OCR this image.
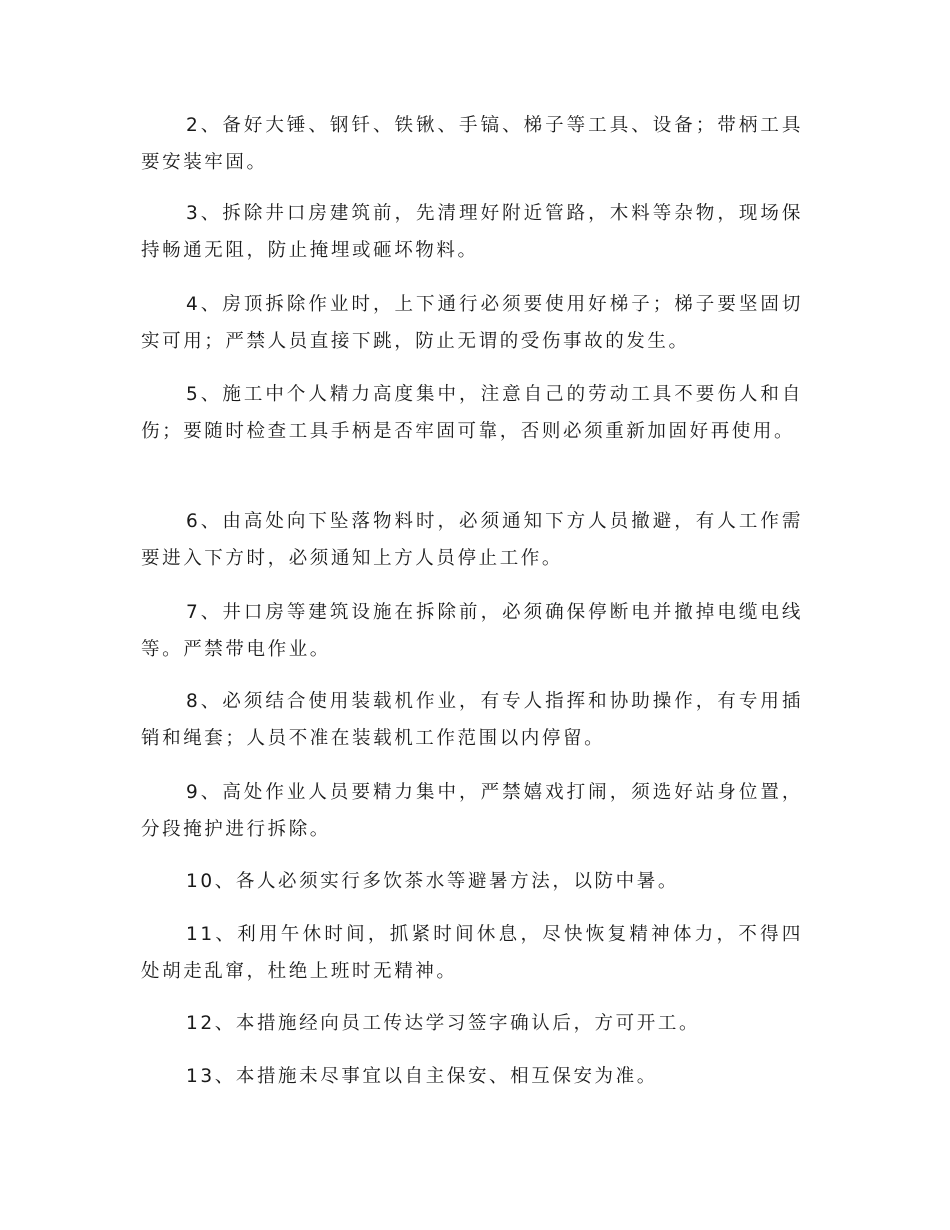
2、备好大锤、钢钎、铁锹、手镐、梯子等工具、设备；带柄工具要安装牢固。

3、拆除井口房建筑前，先清理好附近管路，木料等杂物，现场保持畅通无阻，防止掩埋或砸坏物料。

4、房顶拆除作业时，上下通行必须要使用好梯子；梯子要坚固切实可用；严禁人员直接下跳，防止无谓的受伤事故的发生。

5、施工中个人精力高度集中，注意自己的劳动工具不要伤人和自伤；要随时检查工具手柄是否牢固可靠，否则必须重新加固好再使用。

6、由高处向下坠落物料时，必须通知下方人员撤避，有人工作需要进入下方时，必须通知上方人员停止工作。

7、井口房等建筑设施在拆除前，必须确保停断电并撤掉电缆电线等。严禁带电作业。

8、必须结合使用装载机作业，有专人指挥和协助操作，有专用插销和绳套；人员不准在装载机工作范围以内停留。

9、高处作业人员要精力集中，严禁嬉戏打闹，须选好站身位置，分段掩护进行拆除。

10、各人必须实行多饮茶水等避暑方法，以防中暑。

11、利用午休时间，抓紧时间休息，尽快恢复精神体力，不得四处胡走乱窜，杜绝上班时无精神。

12、本措施经向员工传达学习签字确认后，方可开工。

13、本措施未尽事宜以自主保安、相互保安为准。
